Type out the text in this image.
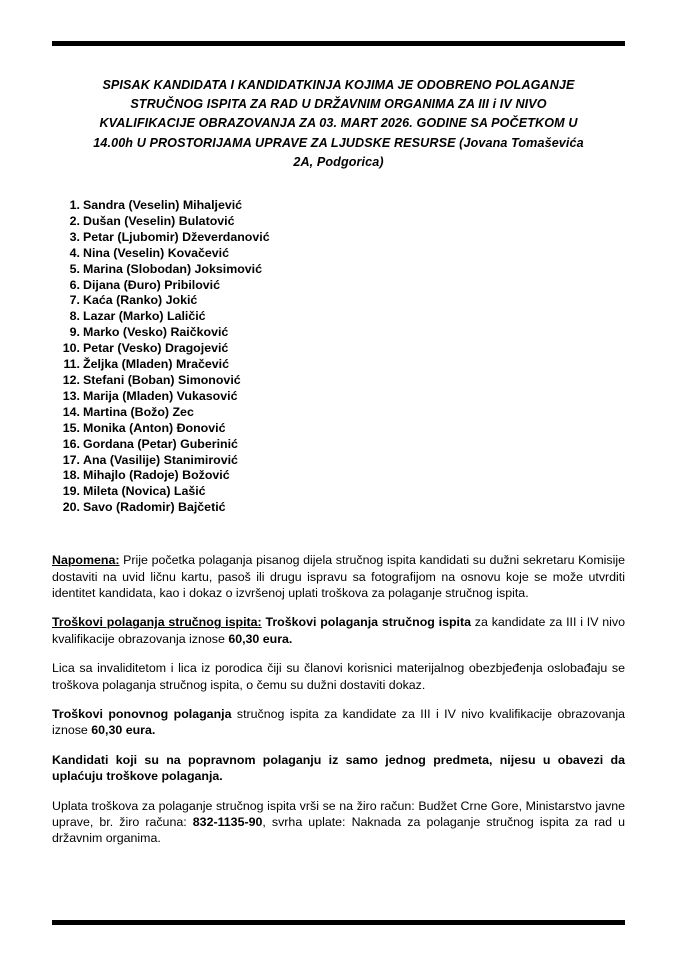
SPISAK KANDIDATA I KANDIDATKINJA KOJIMA JE ODOBRENO POLAGANJE
STRUČNOG ISPITA ZA RAD U DRŽAVNIM ORGANIMA ZA III i IV NIVO
KVALIFIKACIJE OBRAZOVANJA ZA 03. MART 2026. GODINE SA POČETKOM U
14.00h U PROSTORIJAMA UPRAVE ZA LJUDSKE RESURSE (Jovana Tomaševića
2A, Podgorica)
1. Sandra (Veselin) Mihaljević
2. Dušan (Veselin) Bulatović
3. Petar (Ljubomir) Dževerdanović
4. Nina (Veselin) Kovačević
5. Marina (Slobodan) Joksimović
6. Dijana (Đuro) Pribilović
7. Kaća (Ranko) Jokić
8. Lazar (Marko) Laličić
9. Marko (Vesko) Raičković
10. Petar (Vesko) Dragojević
11. Željka (Mladen) Mračević
12. Stefani (Boban) Simonović
13. Marija (Mladen) Vukasović
14. Martina (Božo) Zec
15. Monika (Anton) Đonović
16. Gordana (Petar) Guberinić
17. Ana (Vasilije) Stanimirović
18. Mihajlo (Radoje) Božović
19. Mileta (Novica) Lašić
20. Savo (Radomir) Bajčetić

Napomena: Prije početka polaganja pisanog dijela stručnog ispita kandidati su dužni sekretaru Komisije dostaviti na uvid ličnu kartu, pasoš ili drugu ispravu sa fotografijom na osnovu koje se može utvrditi identitet kandidata, kao i dokaz o izvršenoj uplati troškova za polaganje stručnog ispita.

Troškovi polaganja stručnog ispita: Troškovi polaganja stručnog ispita za kandidate za III i IV nivo kvalifikacije obrazovanja iznose 60,30 eura.

Lica sa invaliditetom i lica iz porodica čiji su članovi korisnici materijalnog obezbjeđenja oslobađaju se troškova polaganja stručnog ispita, o čemu su dužni dostaviti dokaz.

Troškovi ponovnog polaganja stručnog ispita za kandidate za III i IV nivo kvalifikacije obrazovanja iznose 60,30 eura.

Kandidati koji su na popravnom polaganju iz samo jednog predmeta, nijesu u obavezi da uplaćuju troškove polaganja.

Uplata troškova za polaganje stručnog ispita vrši se na žiro račun: Budžet Crne Gore, Ministarstvo javne uprave, br. žiro računa: 832-1135-90, svrha uplate: Naknada za polaganje stručnog ispita za rad u državnim organima.
